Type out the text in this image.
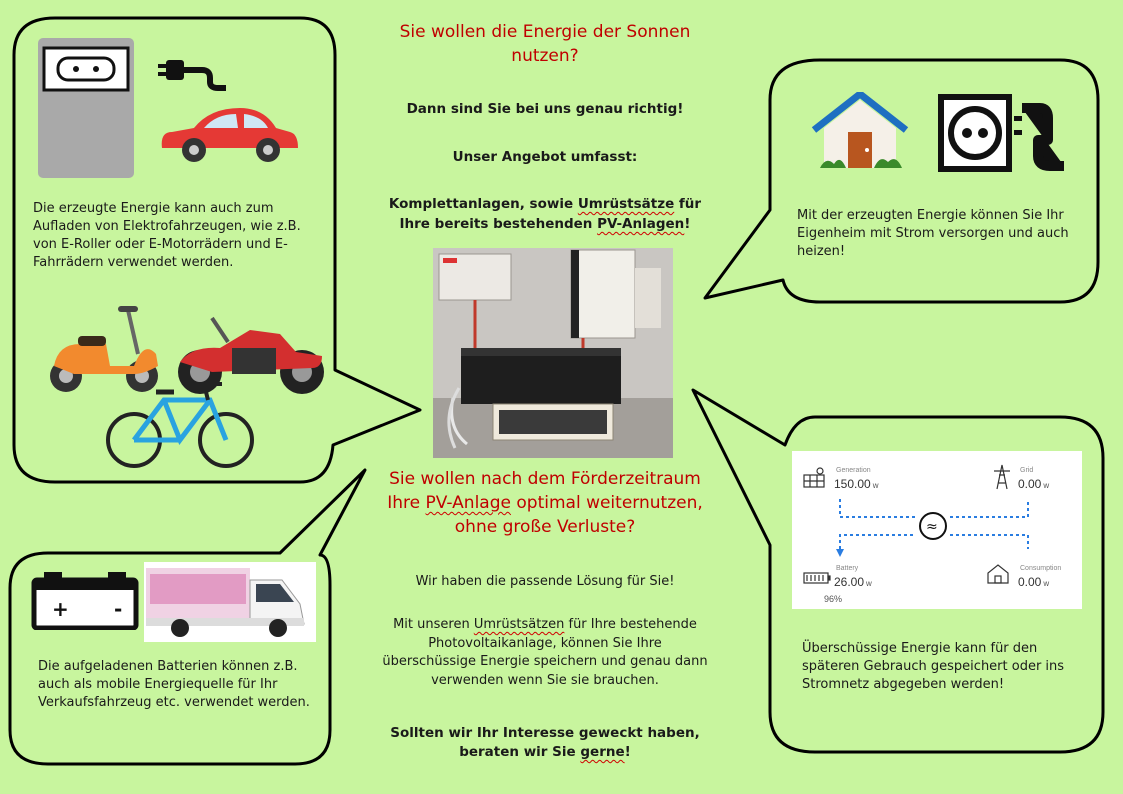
Die erzeugte Energie kann auch zum Aufladen von Elektrofahrzeugen, wie z.B. von E-Roller oder E-Motorrädern und E-Fahrrädern verwendet werden.
Mit der erzeugten Energie können Sie Ihr Eigenheim mit Strom versorgen und auch heizen!
+ -
Die aufgeladenen Batterien können z.B. auch als mobile Energiequelle für Ihr Verkaufsfahrzeug etc. verwendet werden.
Sie wollen die Energie der Sonnen
nutzen?
Dann sind Sie bei uns genau richtig!
Unser Angebot umfasst:
Komplettanlagen, sowie Umrüstsätze für
Ihre bereits bestehenden PV-Anlagen!
Sie wollen nach dem Förderzeitraum
Ihre PV-Anlage optimal weiternutzen,
ohne große Verluste?
Wir haben die passende Lösung für Sie!
Mit unseren Umrüstsätzen für Ihre bestehende
Photovoltaikanlage, können Sie Ihre
überschüssige Energie speichern und genau dann
verwenden wenn Sie sie brauchen.
Sollten wir Ihr Interesse geweckt haben,
beraten wir Sie gerne!
≈
Generation
150.00 w
Grid
0.00 w
Battery
26.00 w
96%
Consumption
0.00 w
Überschüssige Energie kann für den späteren Gebrauch gespeichert oder ins Stromnetz abgegeben werden!
